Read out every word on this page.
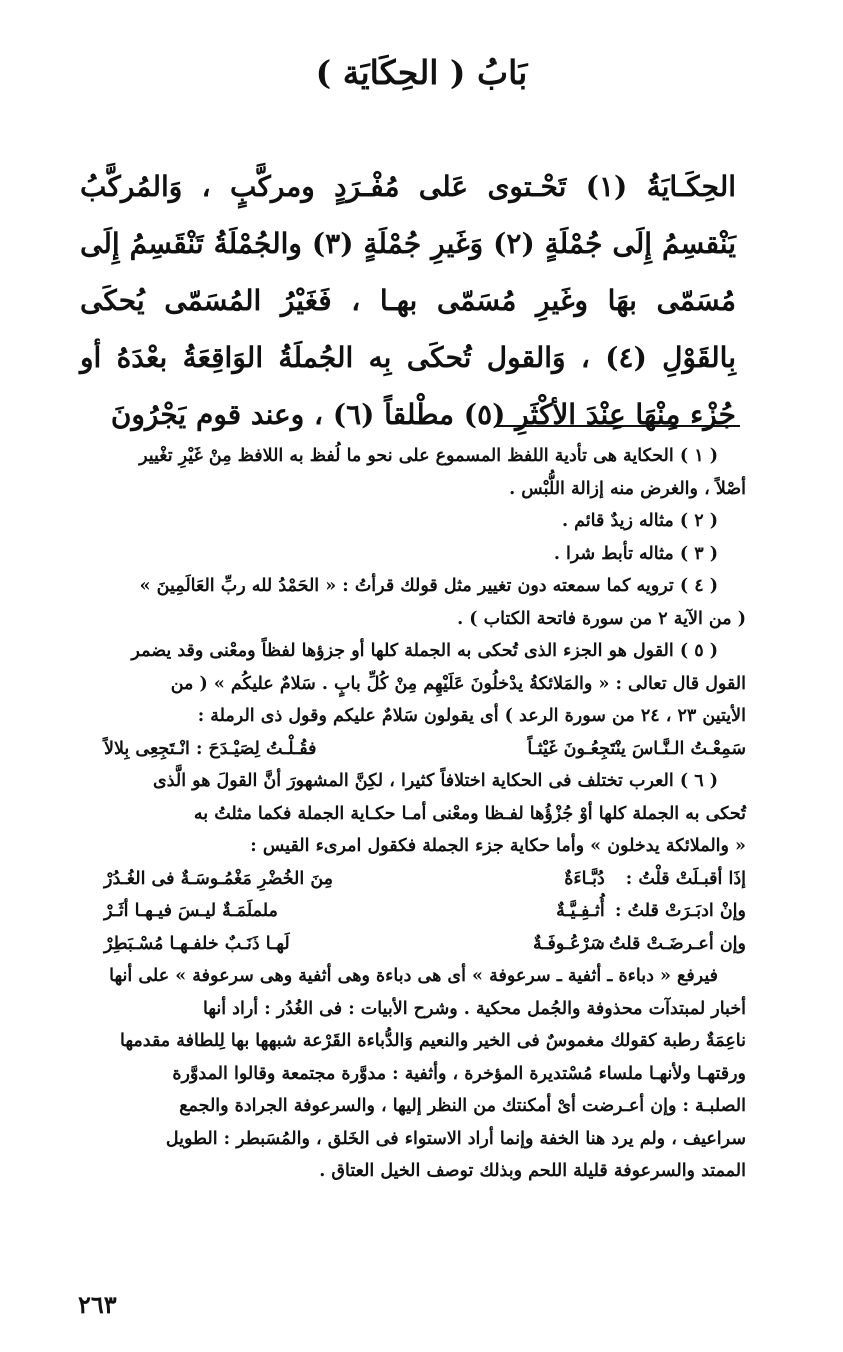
بَابُ ( الحِكَايَة )
الحِكَـايَةُ (١) تَحْـتوى عَلى مُفْـرَدٍ ومركَّبٍ ، وَالمُركَّبُ يَنْقسِمُ إِلَى جُمْلَةٍ (٢) وَغَيرِ جُمْلَةٍ (٣) والجُمْلَةُ تَنْقَسِمُ إِلَى مُسَمّى بهَا وغَيرِ مُسَمّى بهـا ، فَغَيْرُ المُسَمّى يُحكَى بِالقَوْلِ (٤) ، وَالقول تُحكَى بِه الجُملَةُ الوَاقِعَةُ بعْدَهُ أو جُزْء مِنْهَا عِنْدَ الأكْثَرِ (٥) مطْلقاً (٦) ، وعند قوم يَجْرُونَ
( ١ ) الحكاية هى تأدية اللفظ المسموع على نحو ما لُفظ به اللافظ مِنْ غَيْرِ تغْيير
أصْلاً ، والغرض منه إزالة اللُّبْس .
( ٢ ) مثاله زيدٌ قائم .
( ٣ ) مثاله تأبط شرا .
( ٤ ) ترويه كما سمعته دون تغيير مثل قولك قرأتُ : « الحَمْدُ لله ربِّ العَالَمِينَ »
( من الآية ٢ من سورة فاتحة الكتاب ) .
( ٥ ) القول هو الجزء الذى تُحكى به الجملة كلها أو جزؤها لفظاً ومعْنى وقد يضمر
القول قال تعالى : « والمَلائكةُ يدْخلُونَ عَلَيْهِم مِنْ كُلِّ بابٍ . سَلامٌ عليكُم » ( من
الأيتين ٢٣ ، ٢٤ من سورة الرعد ) أى يقولون سَلامٌ عليكم وقول ذى الرملة :
سَمِعْـتُ الـنَّـاسَ ينْتَجِعُـونَ غَيْثـاً
فقُـلْـتُ لِصَيْـدَحَ : انْـتَجِعِى بِلالاً
( ٦ ) العرب تختلف فى الحكاية اختلافاً كثيرا ، لكِنَّ المشهورَ أنَّ القولَ هو الَّذى
تُحكى به الجملة كلها أوْ جُزْؤُها لفـظا ومعْنى أمـا حكـاية الجملة فكما مثلتُ به
« والملائكة يدخلون » وأما حكاية جزء الجملة فكقول امرىء القيس :
إذَا أقبـلَتْ قلْتُ :
دُبَّـاءَةٌ
مِنَ الخُضْرِ مَغْمُـوسَـةٌ فى الغُـدُرْ
وإنْ ادبَـرَتْ قلتُ :
أُثـفِـيَّـةٌ
ململَمَـةٌ ليـسَ فيـهـا أثَـرْ
وإن أعـرضَـتْ قلتُ :
سَرْعُـوفَـةٌ
لَهـا ذَنَـبٌ خلفـهـا مُسْـبَطِرْ
فيرفع « دباءة ـ أثفية ـ سرعوفة » أى هى دباءة وهى أثفية وهى سرعوفة » على أنها
أخبار لمبتدآت محذوفة والجُمل محكية . وشرح الأبيات : فى الغُدُر : أراد أنها
ناعِمَةٌ رطبة كقولك مغموسٌ فى الخير والنعيم وَالدُّباءة القَرْعة شبهها بها لِلطافة مقدمها
ورقتهـا ولأنهـا ملساء مُسْتديرة المؤخرة ، وأثفية : مدوَّرة مجتمعة وقالوا المدوَّرة
الصلبـة : وإن أعـرضت أىْ أمكنتك من النظر إليها ، والسرعوفة الجرادة والجمع
سراعيف ، ولم يرد هنا الخفة وإنما أراد الاستواء فى الخَلق ، والمُسَبطر : الطويل
الممتد والسرعوفة قليلة اللحم وبذلك توصف الخيل العتاق .
٢٦٣
